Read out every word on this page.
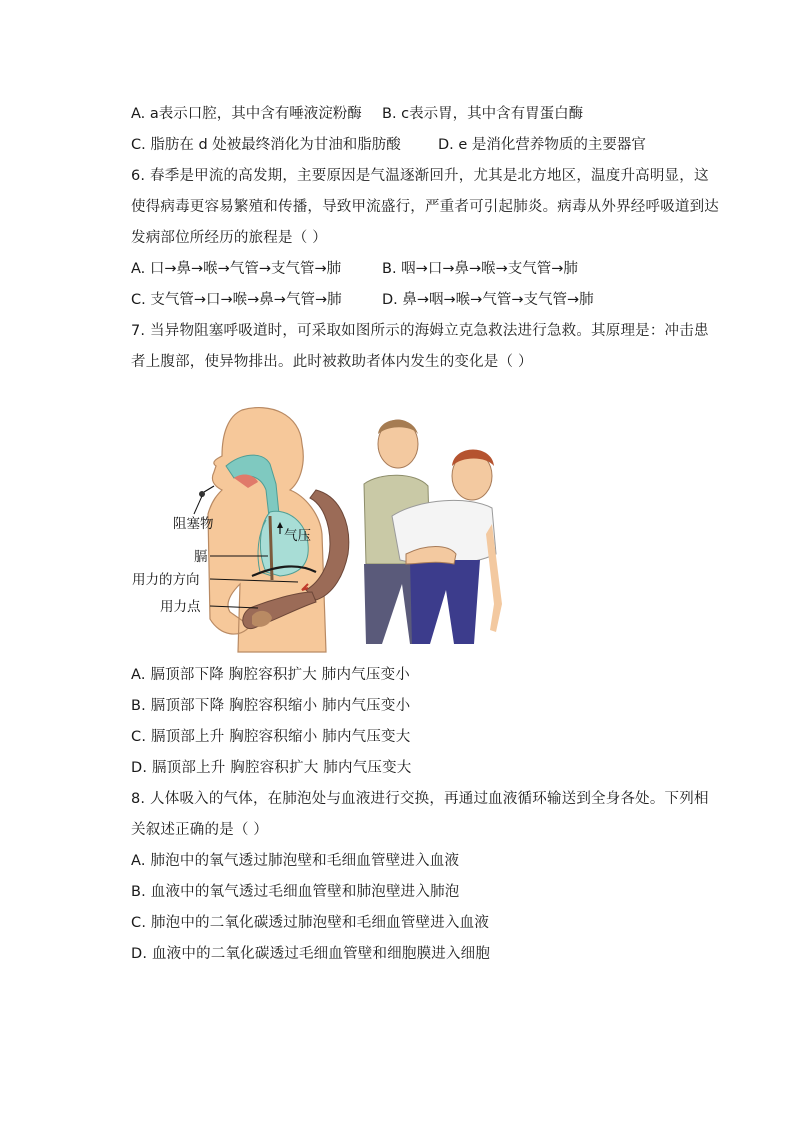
A. a表示口腔，其中含有唾液淀粉酶 B. c表示胃，其中含有胃蛋白酶
C. 脂肪在 d 处被最终消化为甘油和脂肪酸	D. e 是消化营养物质的主要器官
6. 春季是甲流的高发期，主要原因是气温逐渐回升，尤其是北方地区，温度升高明显，这
使得病毒更容易繁殖和传播，导致甲流盛行，严重者可引起肺炎。病毒从外界经呼吸道到达
发病部位所经历的旅程是（ ）
A. 口→鼻→喉→气管→支气管→肺	B. 咽→口→鼻→喉→支气管→肺
C. 支气管→口→喉→鼻→气管→肺	D. 鼻→咽→喉→气管→支气管→肺
7. 当异物阻塞呼吸道时，可采取如图所示的海姆立克急救法进行急救。其原理是：冲击患
者上腹部，使异物排出。此时被救助者体内发生的变化是（ ）
阻塞物
气压
膈
用力的方向
用力点
A. 膈顶部下降 胸腔容积扩大 肺内气压变小
B. 膈顶部下降 胸腔容积缩小 肺内气压变小
C. 膈顶部上升 胸腔容积缩小 肺内气压变大
D. 膈顶部上升 胸腔容积扩大 肺内气压变大
8. 人体吸入的气体，在肺泡处与血液进行交换，再通过血液循环输送到全身各处。下列相
关叙述正确的是（ ）
A. 肺泡中的氧气透过肺泡壁和毛细血管壁进入血液
B. 血液中的氧气透过毛细血管壁和肺泡壁进入肺泡
C. 肺泡中的二氧化碳透过肺泡壁和毛细血管壁进入血液
D. 血液中的二氧化碳透过毛细血管壁和细胞膜进入细胞
